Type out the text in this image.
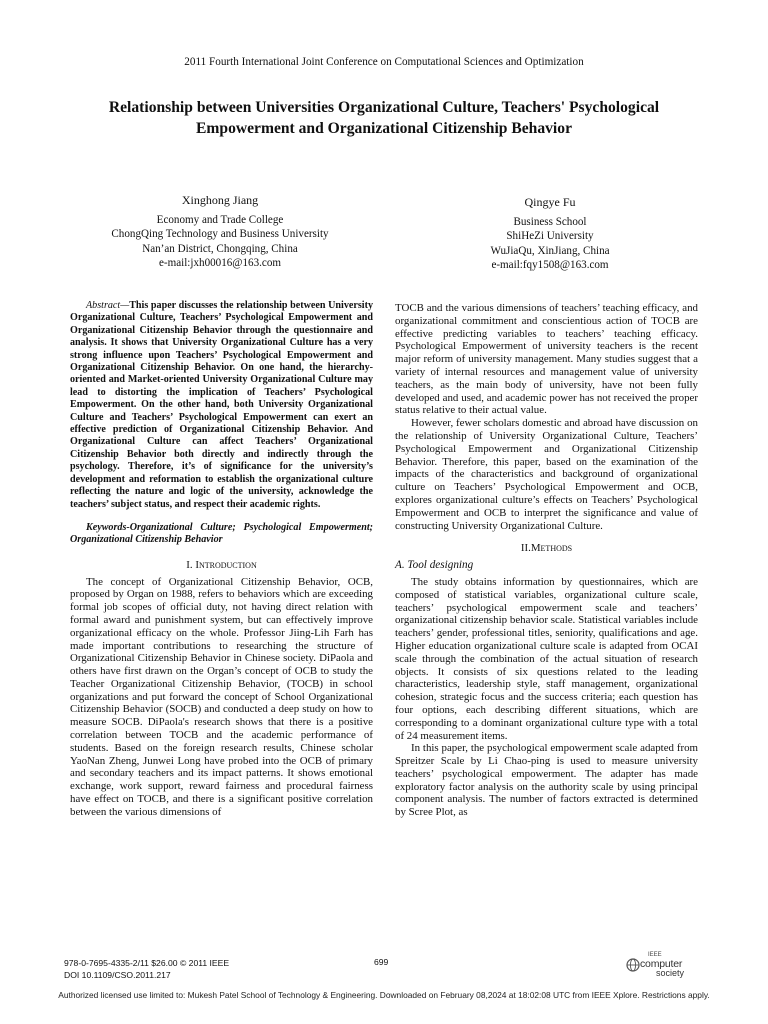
2011 Fourth International Joint Conference on Computational Sciences and Optimization
Relationship between Universities Organizational Culture, Teachers' Psychological
Empowerment and Organizational Citizenship Behavior
Xinghong Jiang
Economy and Trade College
ChongQing Technology and Business University
Nan’an District, Chongqing, China
e-mail:jxh00016@163.com
Qingye Fu
Business School
ShiHeZi University
WuJiaQu, XinJiang, China
e-mail:fqy1508@163.com

Abstract—This paper discusses the relationship between University Organizational Culture, Teachers’ Psychological Empowerment and Organizational Citizenship Behavior through the questionnaire and analysis. It shows that University Organizational Culture has a very strong influence upon Teachers’ Psychological Empowerment and Organizational Citizenship Behavior. On one hand, the hierarchy-oriented and Market-oriented University Organizational Culture may lead to distorting the implication of Teachers’ Psychological Empowerment. On the other hand, both University Organizational Culture and Teachers’ Psychological Empowerment can exert an effective prediction of Organizational Citizenship Behavior. And Organizational Culture can affect Teachers’ Organizational Citizenship Behavior both directly and indirectly through the psychology. Therefore, it’s of significance for the university’s development and reformation to establish the organizational culture reflecting the nature and logic of the university, acknowledge the teachers’ subject status, and respect their academic rights.

Keywords-Organizational Culture; Psychological Empowerment; Organizational Citizenship Behavior

I. Introduction

The concept of Organizational Citizenship Behavior, OCB, proposed by Organ on 1988, refers to behaviors which are exceeding formal job scopes of official duty, not having direct relation with formal award and punishment system, but can effectively improve organizational efficacy on the whole. Professor Jiing-Lih Farh has made important contributions to researching the structure of Organizational Citizenship Behavior in Chinese society. DiPaola and others have first drawn on the Organ’s concept of OCB to study the Teacher Organizational Citizenship Behavior, (TOCB) in school organizations and put forward the concept of School Organizational Citizenship Behavior (SOCB) and conducted a deep study on how to measure SOCB. DiPaola's research shows that there is a positive correlation between TOCB and the academic performance of students. Based on the foreign research results, Chinese scholar YaoNan Zheng, Junwei Long have probed into the OCB of primary and secondary teachers and its impact patterns. It shows emotional exchange, work support, reward fairness and procedural fairness have effect on TOCB, and there is a significant positive correlation between the various dimensions of

TOCB and the various dimensions of teachers’ teaching efficacy, and organizational commitment and conscientious action of TOCB are effective predicting variables to teachers’ teaching efficacy. Psychological Empowerment of university teachers is the recent major reform of university management. Many studies suggest that a variety of internal resources and management value of university teachers, as the main body of university, have not been fully developed and used, and academic power has not received the proper status relative to their actual value.

However, fewer scholars domestic and abroad have discussion on the relationship of University Organizational Culture, Teachers’ Psychological Empowerment and Organizational Citizenship Behavior. Therefore, this paper, based on the examination of the impacts of the characteristics and background of organizational culture on Teachers’ Psychological Empowerment and OCB, explores organizational culture’s effects on Teachers’ Psychological Empowerment and OCB to interpret the significance and value of constructing University Organizational Culture.

II.Methods
A. Tool designing

The study obtains information by questionnaires, which are composed of statistical variables, organizational culture scale, teachers’ psychological empowerment scale and teachers’ organizational citizenship behavior scale. Statistical variables include teachers’ gender, professional titles, seniority, qualifications and age. Higher education organizational culture scale is adapted from OCAI scale through the combination of the actual situation of research objects. It consists of six questions related to the leading characteristics, leadership style, staff management, organizational cohesion, strategic focus and the success criteria; each question has four options, each describing different situations, which are corresponding to a dominant organizational culture type with a total of 24 measurement items.

In this paper, the psychological empowerment scale adapted from Spreitzer Scale by Li Chao-ping is used to measure university teachers’ psychological empowerment. The adapter has made exploratory factor analysis on the authority scale by using principal component analysis. The number of factors extracted is determined by Scree Plot, as

978-0-7695-4335-2/11 $26.00 © 2011 IEEE
DOI 10.1109/CSO.2011.217
699
IEEE
computer
society
Authorized licensed use limited to: Mukesh Patel School of Technology & Engineering. Downloaded on February 08,2024 at 18:02:08 UTC from IEEE Xplore. Restrictions apply.
